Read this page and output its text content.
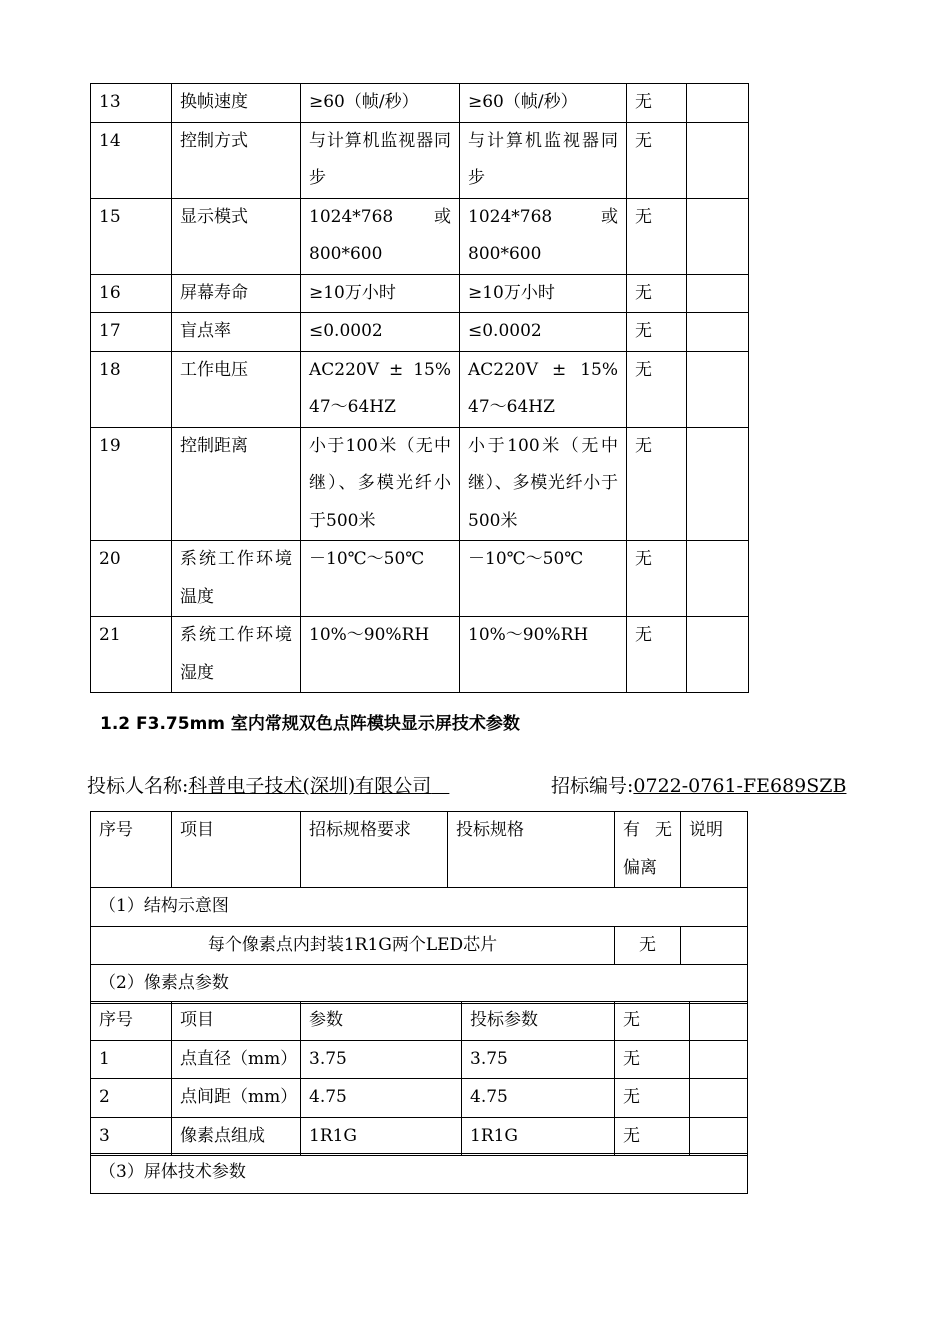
13	换帧速度	≥60（帧/秒）	≥60（帧/秒）	无	
14	控制方式	与计算机监视器同步	与计算机监视器同步	无	
15	显示模式	1024*768 或 800*600	1024*768 或 800*600	无	
16	屏幕寿命	≥10万小时	≥10万小时	无	
17	盲点率	≤0.0002	≤0.0002	无	
18	工作电压	AC220V ± 15% 47～64HZ	AC220V ± 15% 47～64HZ	无	
19	控制距离	小于100米（无中继）、多模光纤小于500米	小于100米（无中继）、多模光纤小于500米	无	
20	系统工作环境温度	－10℃～50℃	－10℃～50℃	无	
21	系统工作环境湿度	10%～90%RH	10%～90%RH	无	
1.2 F3.75mm 室内常规双色点阵模块显示屏技术参数
投标人名称:科普电子技术(深圳)有限公司	招标编号:0722-0761-FE689SZB
序号	项目	招标规格要求	投标规格	有 无 偏离	说明
（1）结构示意图					
每个像素点内封装1R1G两个LED芯片				无	
（2）像素点参数					
序号	项目	参数	投标参数	无	
1	点直径（mm）	3.75	3.75	无	
2	点间距（mm）	4.75	4.75	无	
3	像素点组成	1R1G	1R1G	无	
（3）屏体技术参数
